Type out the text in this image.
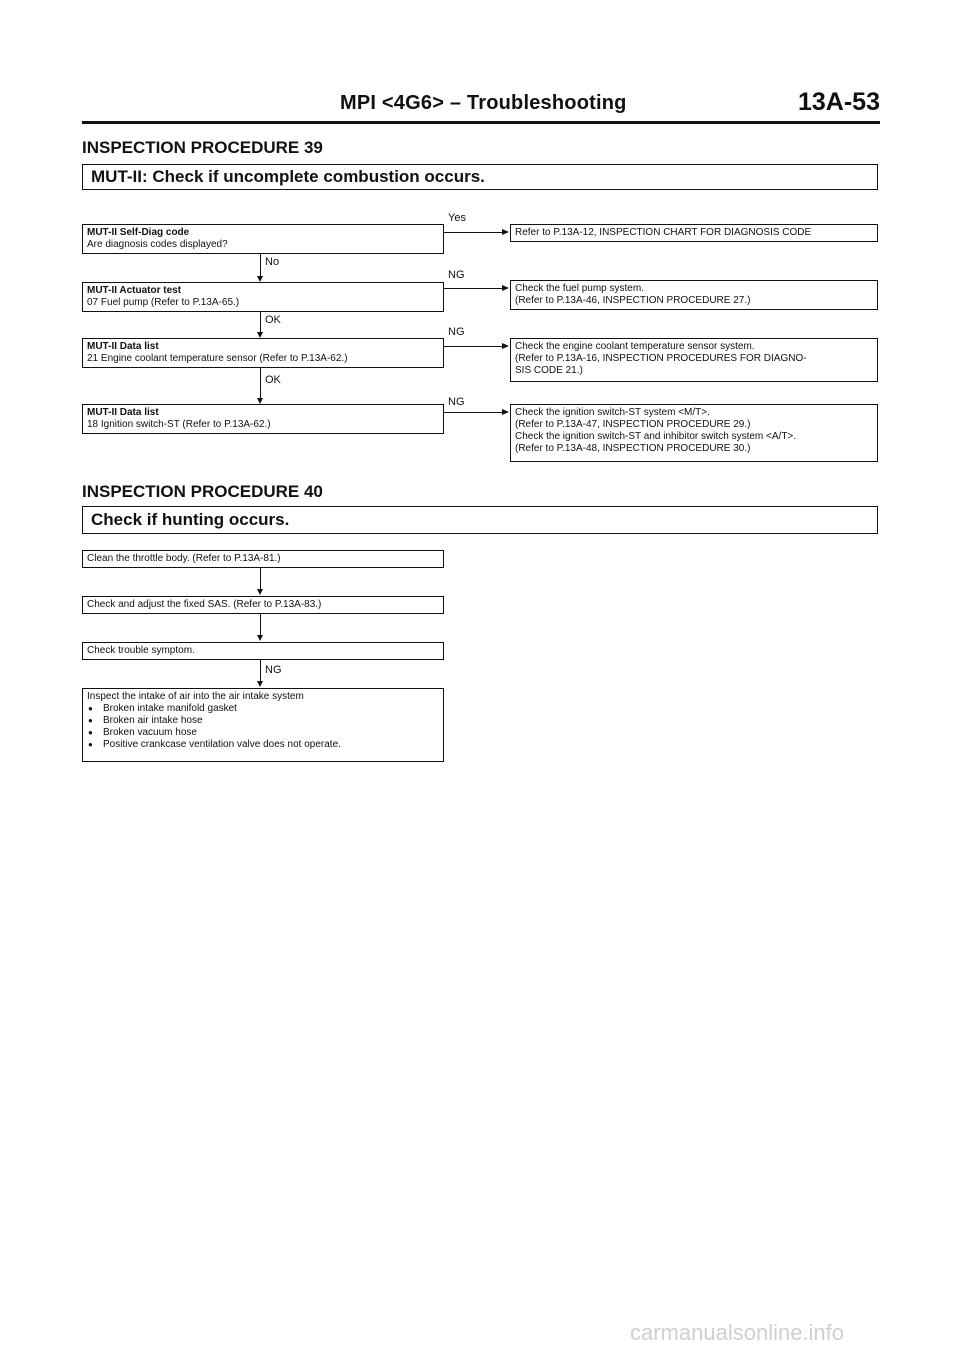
MPI <4G6> – Troubleshooting	13A-53
INSPECTION PROCEDURE 39
MUT-II: Check if uncomplete combustion occurs.
MUT-II Self-Diag code
Are diagnosis codes displayed?
MUT-II Actuator test
07 Fuel pump (Refer to P.13A-65.)
MUT-II Data list
21 Engine coolant temperature sensor (Refer to P.13A-62.)
MUT-II Data list
18 Ignition switch-ST (Refer to P.13A-62.)
No
OK
OK
Yes
NG
NG
NG
Refer to P.13A-12, INSPECTION CHART FOR DIAGNOSIS CODE
Check the fuel pump system.
(Refer to P.13A-46, INSPECTION PROCEDURE 27.)
Check the engine coolant temperature sensor system.
(Refer to P.13A-16, INSPECTION PROCEDURES FOR DIAGNO-
SIS CODE 21.)
Check the ignition switch-ST system <M/T>.
(Refer to P.13A-47, INSPECTION PROCEDURE 29.)
Check the ignition switch-ST and inhibitor switch system <A/T>.
(Refer to P.13A-48, INSPECTION PROCEDURE 30.)
INSPECTION PROCEDURE 40
Check if hunting occurs.
Clean the throttle body. (Refer to P.13A-81.)
Check and adjust the fixed SAS. (Refer to P.13A-83.)
Check trouble symptom.
NG
Inspect the intake of air into the air intake system
● Broken intake manifold gasket
● Broken air intake hose
● Broken vacuum hose
● Positive crankcase ventilation valve does not operate.
carmanualsonline.info
